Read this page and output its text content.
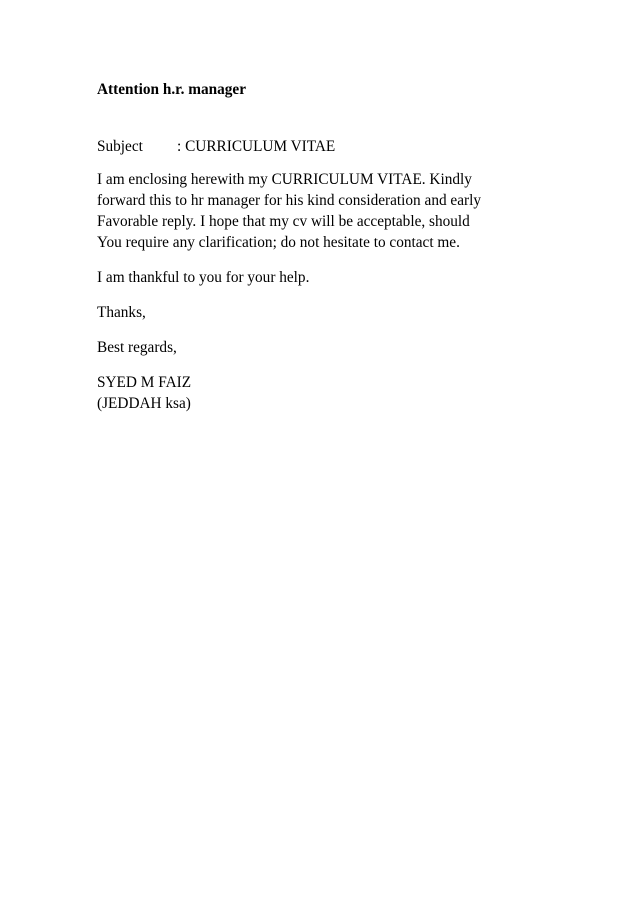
Attention h.r. manager

Subject	: CURRICULUM VITAE

I am enclosing herewith my CURRICULUM VITAE. Kindly
forward this to hr manager for his kind consideration and early
Favorable reply. I hope that my cv will be acceptable, should
You require any clarification; do not hesitate to contact me.

I am thankful to you for your help.

Thanks,

Best regards,

SYED M FAIZ
(JEDDAH ksa)
